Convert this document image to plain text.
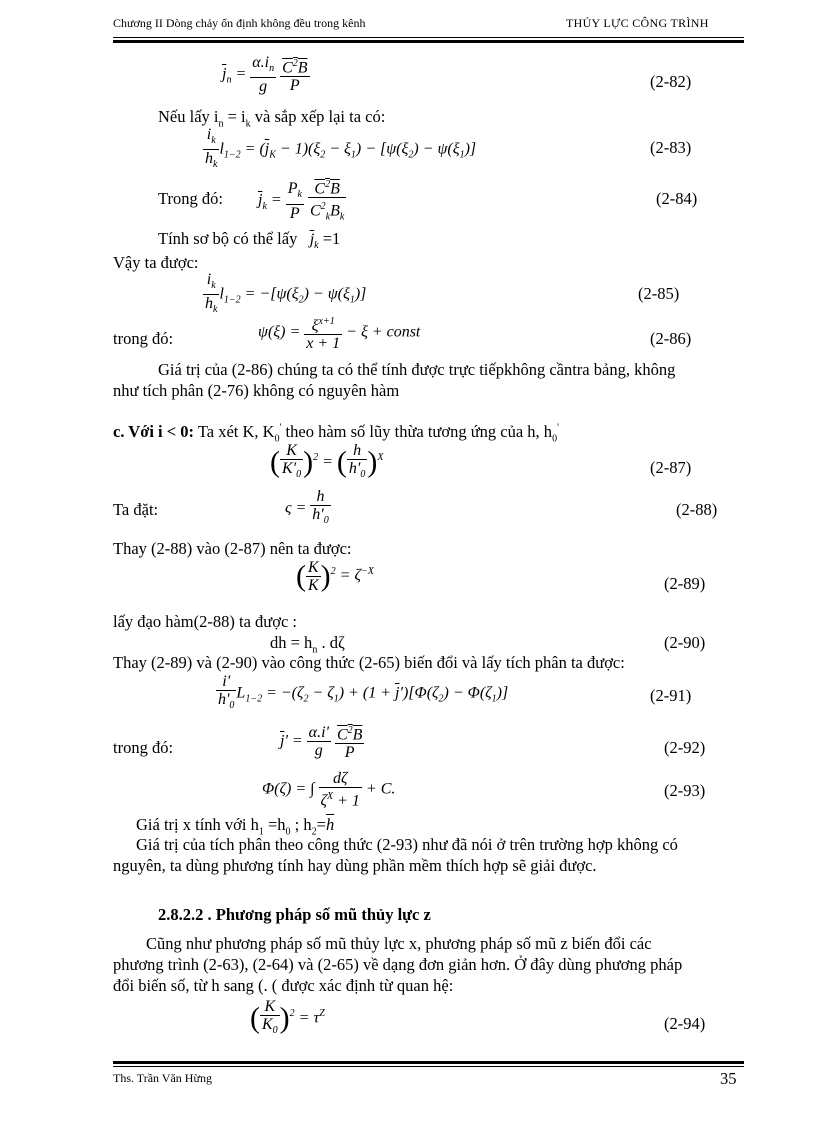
Chương II Dòng chảy ổn định không đều trong kênh	THỦY LỰC CÔNG TRÌNH
$\overline{j}_n = \frac{\alpha.i_n}{g}$
$\frac{C^2B}{P}$	(2-82)
Nếu lấy $i_n = i_k$ và sắp xếp lại ta có:
$\frac{i_k}{h_k} l_{1-2} = (\overline{j}_K - 1)(\xi_2 - \xi_1) - [\psi(\xi_2) - \psi(\xi_1)]$	(2-83)
Trong đó: $\overline{j}_k = \frac{P_k}{P}$
$\frac{C^2B}{C^2_kB_k}$	(2-84)
Tính sơ bộ có thể lấy $\overline{j}_k =1$
Vậy ta được:
$\frac{i_k}{h_k} l_{1-2} = -[\psi(\xi_2) - \psi(\xi_1)]$	(2-85)
trong đó:	$\psi(\xi) = \frac{\xi^{x+1}}{x + 1} - \xi$ + const	(2-86)
Giá trị của (2-86) chúng ta có thể tính được trực tiếpkhông cầntra bảng, không
như tích phân (2-76) không có nguyên hàm
c. Với i < 0: Ta xét K, $K_0'$ theo hàm số lũy thừa tương ứng của h, $h_0'$
( $\frac{K}{K'_0} )^2$ = ( $\frac{h}{h'_0} )^X$
(2-87)
Ta đặt:	$\varsigma = \frac{h}{h'_0}$	(2-88)
Thay (2-88) vào (2-87) nên ta được:
( $\frac{K}{K} )^2 = \zeta^{-X}$
(2-89)
lấy đạo hàm(2-88) ta được :
dh = $h_n$ . dζ	(2-90)
Thay (2-89) và (2-90) vào công thức (2-65) biến đổi và lấy tích phân ta được:
$\frac{i'}{h'_0} L_{1-2} = -(\zeta_2 - \zeta_1) + (1 + \overline{j}')[\Phi(\zeta_2) - \Phi(\zeta_1)]$	(2-91)
trong đó:	$\overline{j}' = \frac{\alpha.i'}{g}$
$\frac{C^2B}{P}$	(2-92)
Φ(ζ) = ∫ $\frac{d\zeta}{\zeta^X + 1} + C$.	(2-93)
Giá trị x tính với $h_1 =h_0$ ; $h_2=\overline{h}$
Giá trị của tích phân theo công thức (2-93) như đã nói ở trên trường hợp không có
nguyên, ta dùng phương tính hay dùng phần mềm thích hợp sẽ giải được.
2.8.2.2 . Phương pháp số mũ thủy lực z
Cũng như phương pháp số mũ thủy lực x, phương pháp số mũ z biến đổi các
phương trình (2-63), (2-64) và (2-65) về dạng đơn giản hơn. Ở đây dùng phương pháp
đổi biến số, từ h sang (. ( được xác định từ quan hệ:
( $\frac{K}{K_0} )^2 = \tau^Z$
(2-94)
Ths. Trần Văn Hừng	35
